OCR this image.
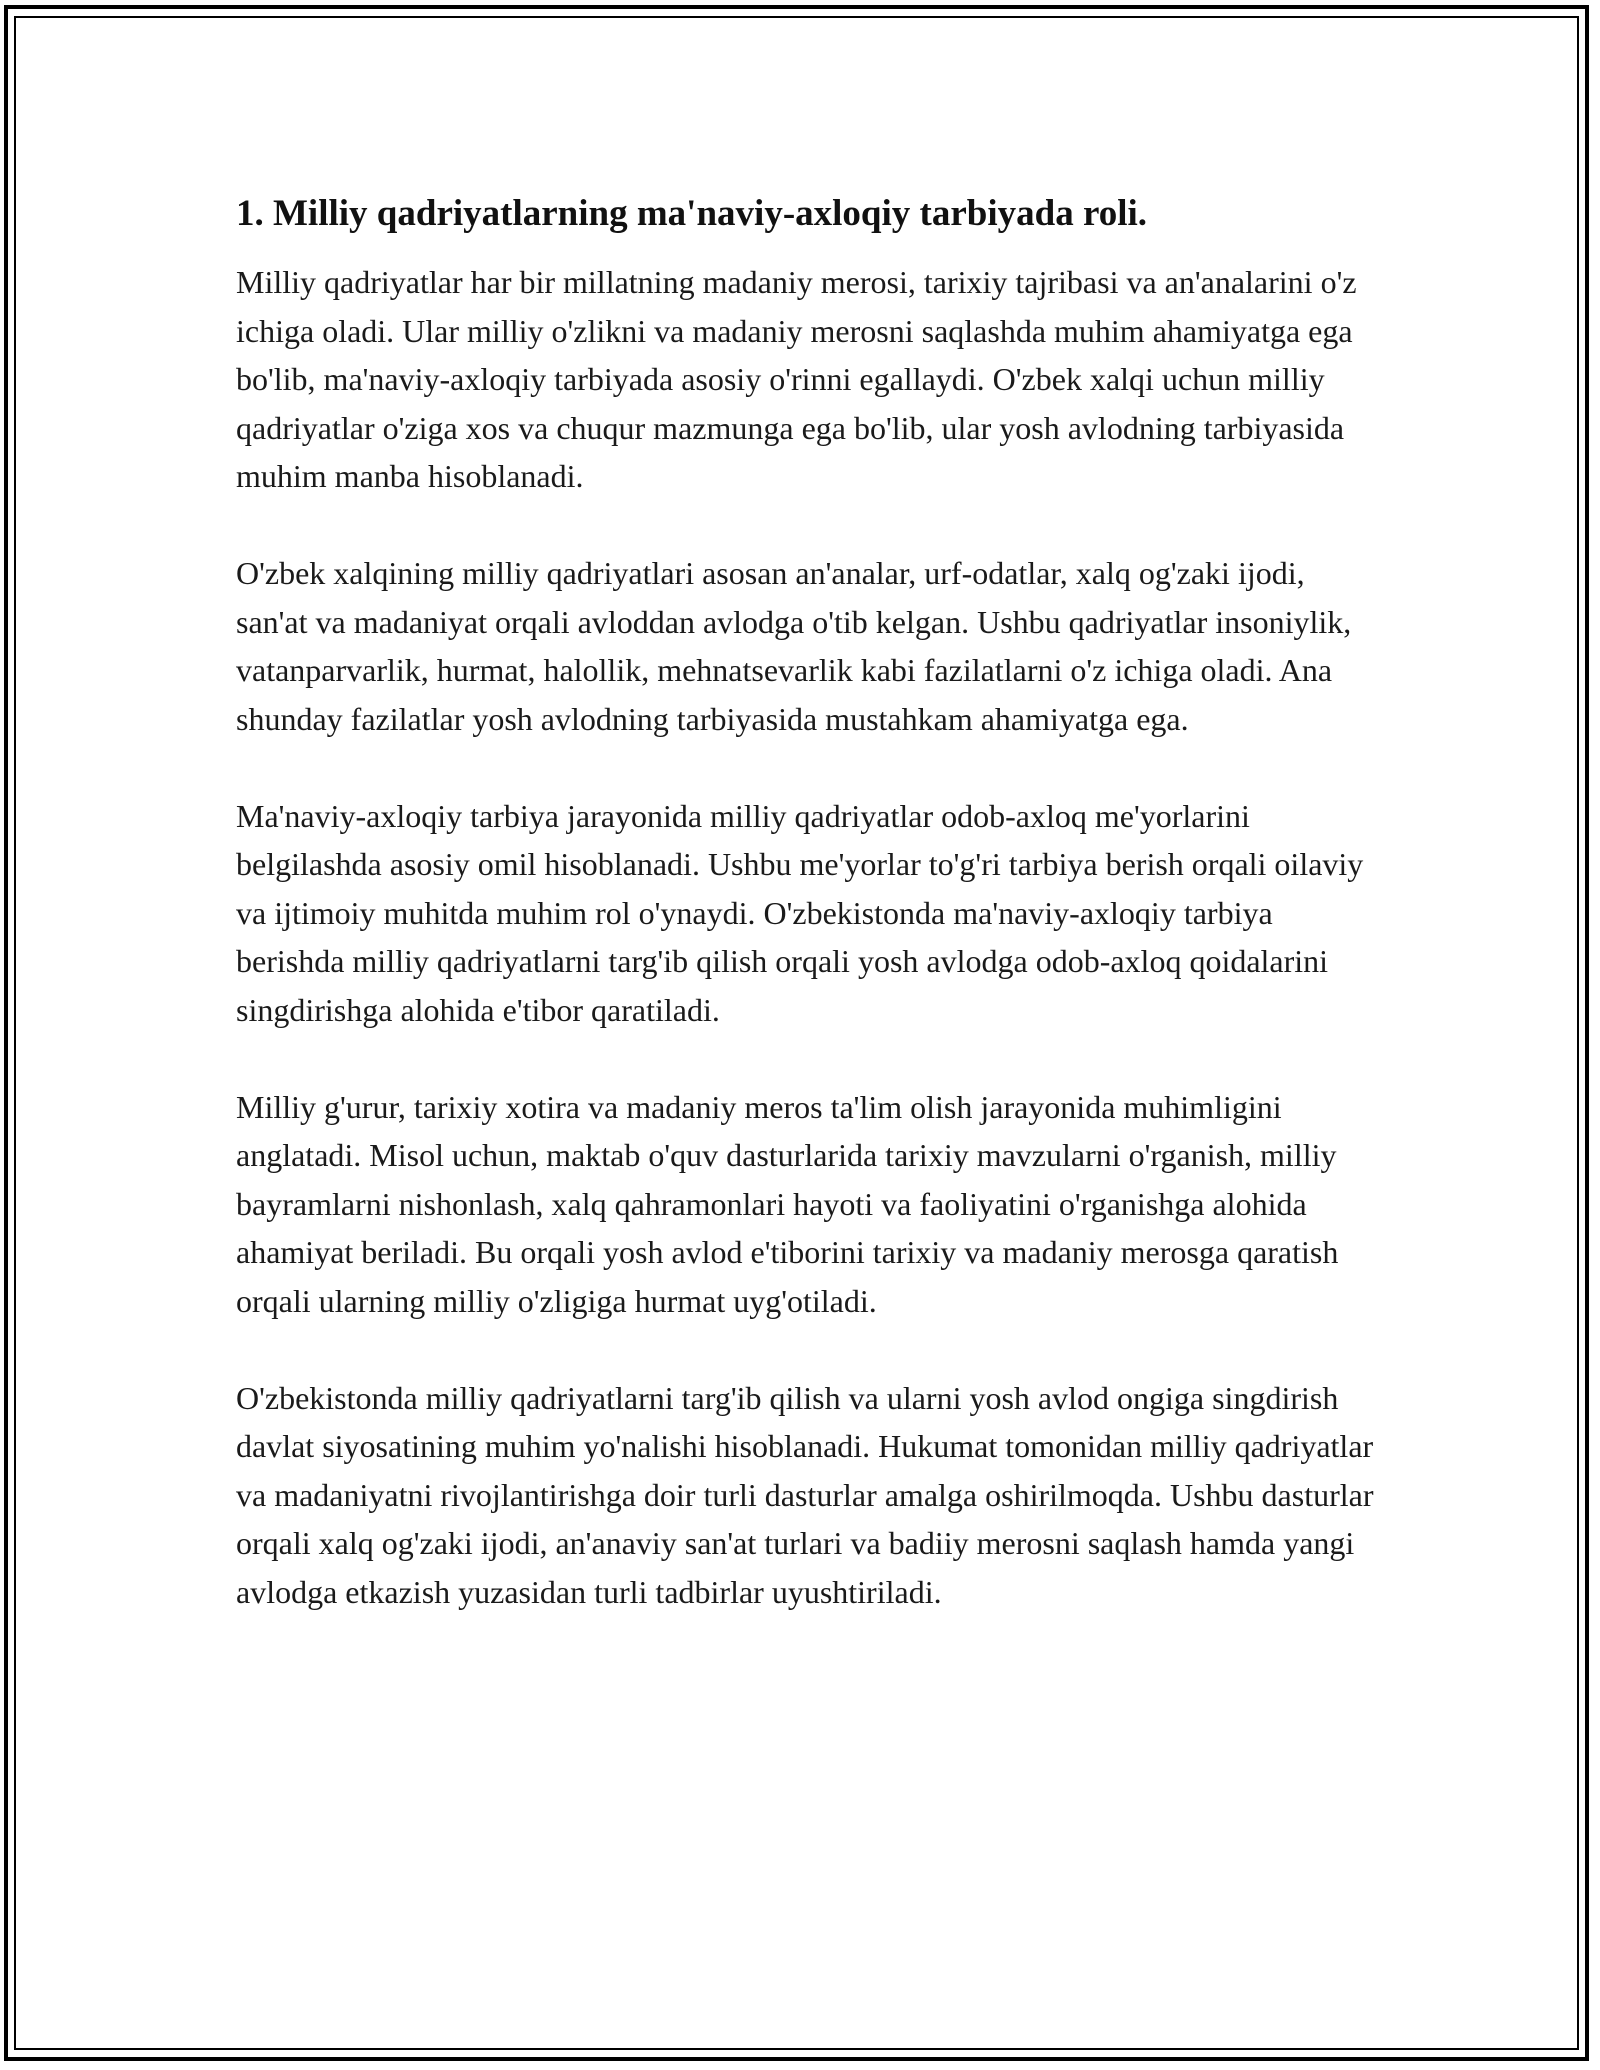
1. Milliy qadriyatlarning ma'naviy-axloqiy tarbiyada roli.

Milliy qadriyatlar har bir millatning madaniy merosi, tarixiy tajribasi va an'analarini o'z ichiga oladi. Ular milliy o'zlikni va madaniy merosni saqlashda muhim ahamiyatga ega bo'lib, ma'naviy-axloqiy tarbiyada asosiy o'rinni egallaydi. O'zbek xalqi uchun milliy qadriyatlar o'ziga xos va chuqur mazmunga ega bo'lib, ular yosh avlodning tarbiyasida muhim manba hisoblanadi.

O'zbek xalqining milliy qadriyatlari asosan an'analar, urf-odatlar, xalq og'zaki ijodi, san'at va madaniyat orqali avloddan avlodga o'tib kelgan. Ushbu qadriyatlar insoniylik, vatanparvarlik, hurmat, halollik, mehnatsevarlik kabi fazilatlarni o'z ichiga oladi. Ana shunday fazilatlar yosh avlodning tarbiyasida mustahkam ahamiyatga ega.

Ma'naviy-axloqiy tarbiya jarayonida milliy qadriyatlar odob-axloq me'yorlarini belgilashda asosiy omil hisoblanadi. Ushbu me'yorlar to'g'ri tarbiya berish orqali oilaviy va ijtimoiy muhitda muhim rol o'ynaydi. O'zbekistonda ma'naviy-axloqiy tarbiya berishda milliy qadriyatlarni targ'ib qilish orqali yosh avlodga odob-axloq qoidalarini singdirishga alohida e'tibor qaratiladi.

Milliy g'urur, tarixiy xotira va madaniy meros ta'lim olish jarayonida muhimligini anglatadi. Misol uchun, maktab o'quv dasturlarida tarixiy mavzularni o'rganish, milliy bayramlarni nishonlash, xalq qahramonlari hayoti va faoliyatini o'rganishga alohida ahamiyat beriladi. Bu orqali yosh avlod e'tiborini tarixiy va madaniy merosga qaratish orqali ularning milliy o'zligiga hurmat uyg'otiladi.

O'zbekistonda milliy qadriyatlarni targ'ib qilish va ularni yosh avlod ongiga singdirish davlat siyosatining muhim yo'nalishi hisoblanadi. Hukumat tomonidan milliy qadriyatlar va madaniyatni rivojlantirishga doir turli dasturlar amalga oshirilmoqda. Ushbu dasturlar orqali xalq og'zaki ijodi, an'anaviy san'at turlari va badiiy merosni saqlash hamda yangi avlodga etkazish yuzasidan turli tadbirlar uyushtiriladi.
